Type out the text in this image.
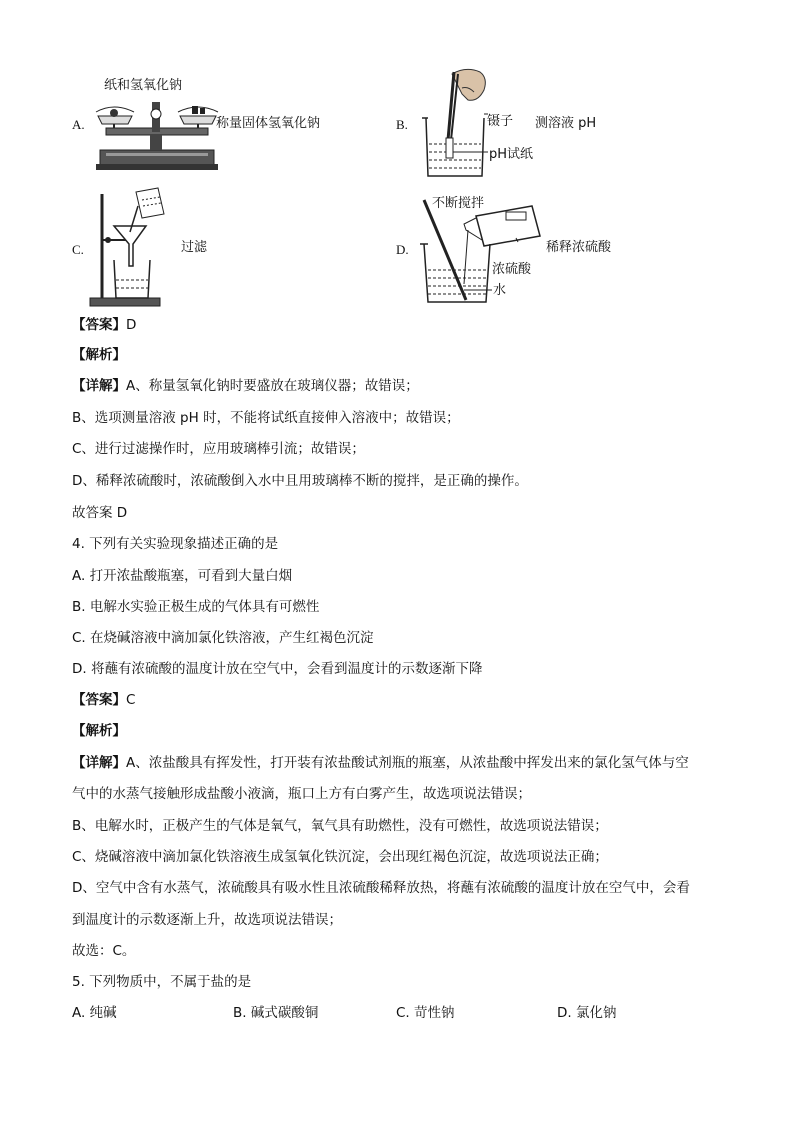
A.
纸和氢氧化钠
称量固体氢氧化钠	B.	镊子 测溶液 pH
pH试纸
C.	过滤	D.
不断搅拌
稀释浓硫酸
浓硫酸
水
【答案】D
【解析】
【详解】A、称量氢氧化钠时要盛放在玻璃仪器；故错误；
B、选项测量溶液 pH 时，不能将试纸直接伸入溶液中；故错误；
C、进行过滤操作时，应用玻璃棒引流；故错误；
D、稀释浓硫酸时，浓硫酸倒入水中且用玻璃棒不断的搅拌，是正确的操作。
故答案 D
4. 下列有关实验现象描述正确的是
A. 打开浓盐酸瓶塞，可看到大量白烟
B. 电解水实验正极生成的气体具有可燃性
C. 在烧碱溶液中滴加氯化铁溶液，产生红褐色沉淀
D. 将蘸有浓硫酸的温度计放在空气中，会看到温度计的示数逐渐下降
【答案】C
【解析】
【详解】A、浓盐酸具有挥发性，打开装有浓盐酸试剂瓶的瓶塞，从浓盐酸中挥发出来的氯化氢气体与空
气中的水蒸气接触形成盐酸小液滴，瓶口上方有白雾产生，故选项说法错误；
B、电解水时，正极产生的气体是氧气，氧气具有助燃性，没有可燃性，故选项说法错误；
C、烧碱溶液中滴加氯化铁溶液生成氢氧化铁沉淀，会出现红褐色沉淀，故选项说法正确；
D、空气中含有水蒸气，浓硫酸具有吸水性且浓硫酸稀释放热，将蘸有浓硫酸的温度计放在空气中，会看
到温度计的示数逐渐上升，故选项说法错误；
故选：C。
5. 下列物质中，不属于盐的是
A. 纯碱	B. 碱式碳酸铜	C. 苛性钠	D. 氯化钠
